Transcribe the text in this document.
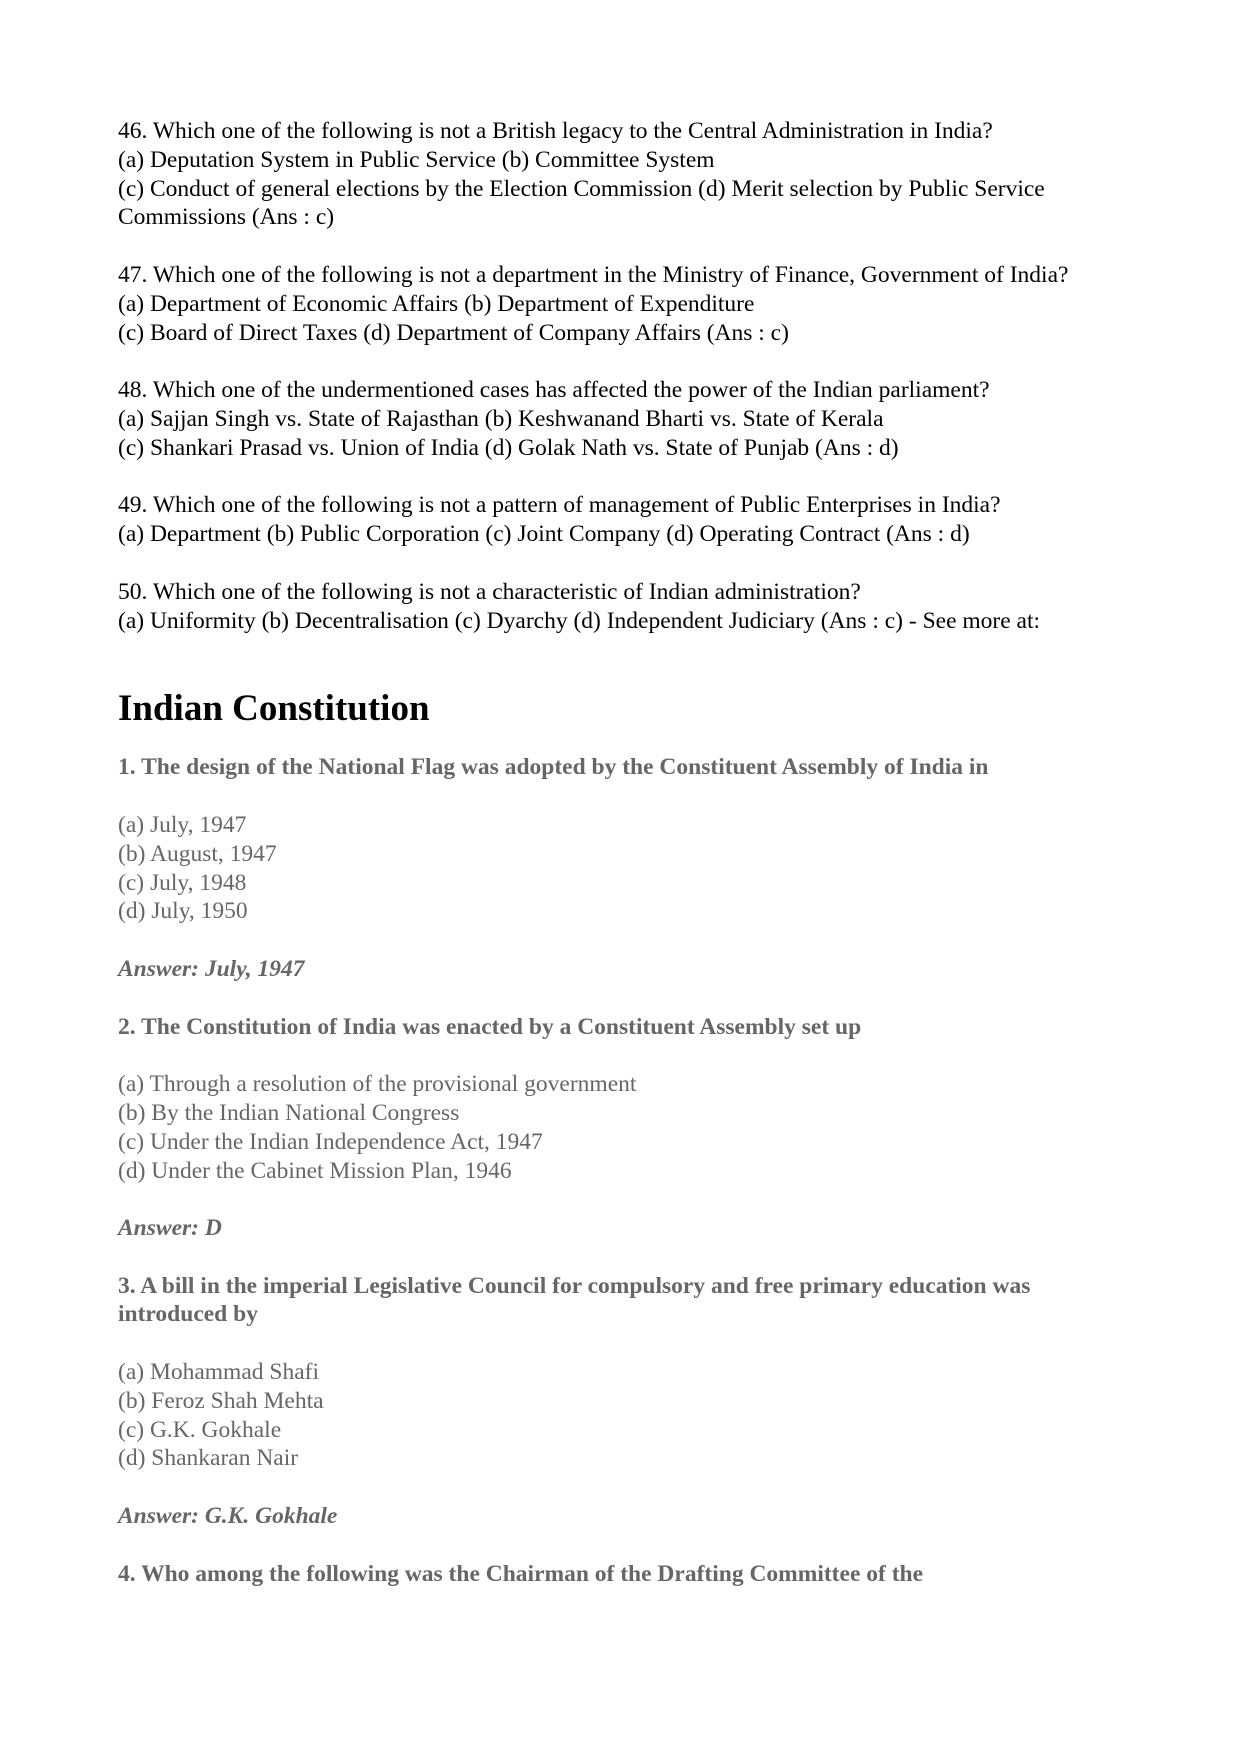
46. Which one of the following is not a British legacy to the Central Administration in India?
(a) Deputation System in Public Service (b) Committee System
(c) Conduct of general elections by the Election Commission (d) Merit selection by Public Service Commissions (Ans : c)
47. Which one of the following is not a department in the Ministry of Finance, Government of India?
(a) Department of Economic Affairs (b) Department of Expenditure
(c) Board of Direct Taxes (d) Department of Company Affairs (Ans : c)
48. Which one of the undermentioned cases has affected the power of the Indian parliament?
(a) Sajjan Singh vs. State of Rajasthan (b) Keshwanand Bharti vs. State of Kerala
(c) Shankari Prasad vs. Union of India (d) Golak Nath vs. State of Punjab (Ans : d)
49. Which one of the following is not a pattern of management of Public Enterprises in India?
(a) Department (b) Public Corporation (c) Joint Company (d) Operating Contract (Ans : d)
50. Which one of the following is not a characteristic of Indian administration?
(a) Uniformity (b) Decentralisation (c) Dyarchy (d) Independent Judiciary (Ans : c) - See more at:
Indian Constitution
1. The design of the National Flag was adopted by the Constituent Assembly of India in
(a) July, 1947
(b) August, 1947
(c) July, 1948
(d) July, 1950
Answer: July, 1947
2. The Constitution of India was enacted by a Constituent Assembly set up
(a) Through a resolution of the provisional government
(b) By the Indian National Congress
(c) Under the Indian Independence Act, 1947
(d) Under the Cabinet Mission Plan, 1946
Answer: D
3. A bill in the imperial Legislative Council for compulsory and free primary education was introduced by
(a) Mohammad Shafi
(b) Feroz Shah Mehta
(c) G.K. Gokhale
(d) Shankaran Nair
Answer: G.K. Gokhale
4. Who among the following was the Chairman of the Drafting Committee of the
